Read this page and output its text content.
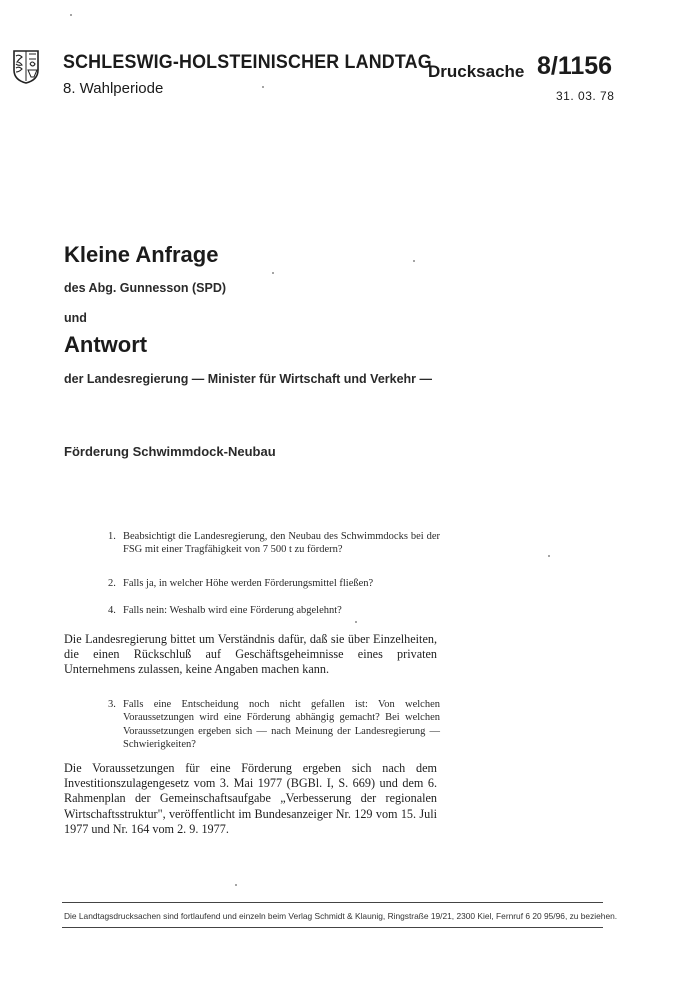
SCHLESWIG-HOLSTEINISCHER LANDTAG
8. Wahlperiode
Drucksache 8/1156
31. 03. 78
Kleine Anfrage
des Abg. Gunnesson (SPD)
und
Antwort
der Landesregierung — Minister für Wirtschaft und Verkehr —
Förderung Schwimmdock-Neubau
1. Beabsichtigt die Landesregierung, den Neubau des Schwimmdocks bei der FSG mit einer Tragfähigkeit von 7 500 t zu fördern?
2. Falls ja, in welcher Höhe werden Förderungsmittel fließen?
4. Falls nein: Weshalb wird eine Förderung abgelehnt?
Die Landesregierung bittet um Verständnis dafür, daß sie über Einzelheiten, die einen Rückschluß auf Geschäftsgeheimnisse eines privaten Unternehmens zulassen, keine Angaben machen kann.
3. Falls eine Entscheidung noch nicht gefallen ist: Von welchen Voraussetzungen wird eine Förderung abhängig gemacht? Bei welchen Voraussetzungen ergeben sich — nach Meinung der Landesregierung — Schwierigkeiten?
Die Voraussetzungen für eine Förderung ergeben sich nach dem Investitionszulagengesetz vom 3. Mai 1977 (BGBl. I, S. 669) und dem 6. Rahmenplan der Gemeinschaftsaufgabe „Verbesserung der regionalen Wirtschaftsstruktur", veröffentlicht im Bundesanzeiger Nr. 129 vom 15. Juli 1977 und Nr. 164 vom 2. 9. 1977.
Die Landtagsdrucksachen sind fortlaufend und einzeln beim Verlag Schmidt & Klaunig, Ringstraße 19/21, 2300 Kiel, Fernruf 6 20 95/96, zu beziehen.
